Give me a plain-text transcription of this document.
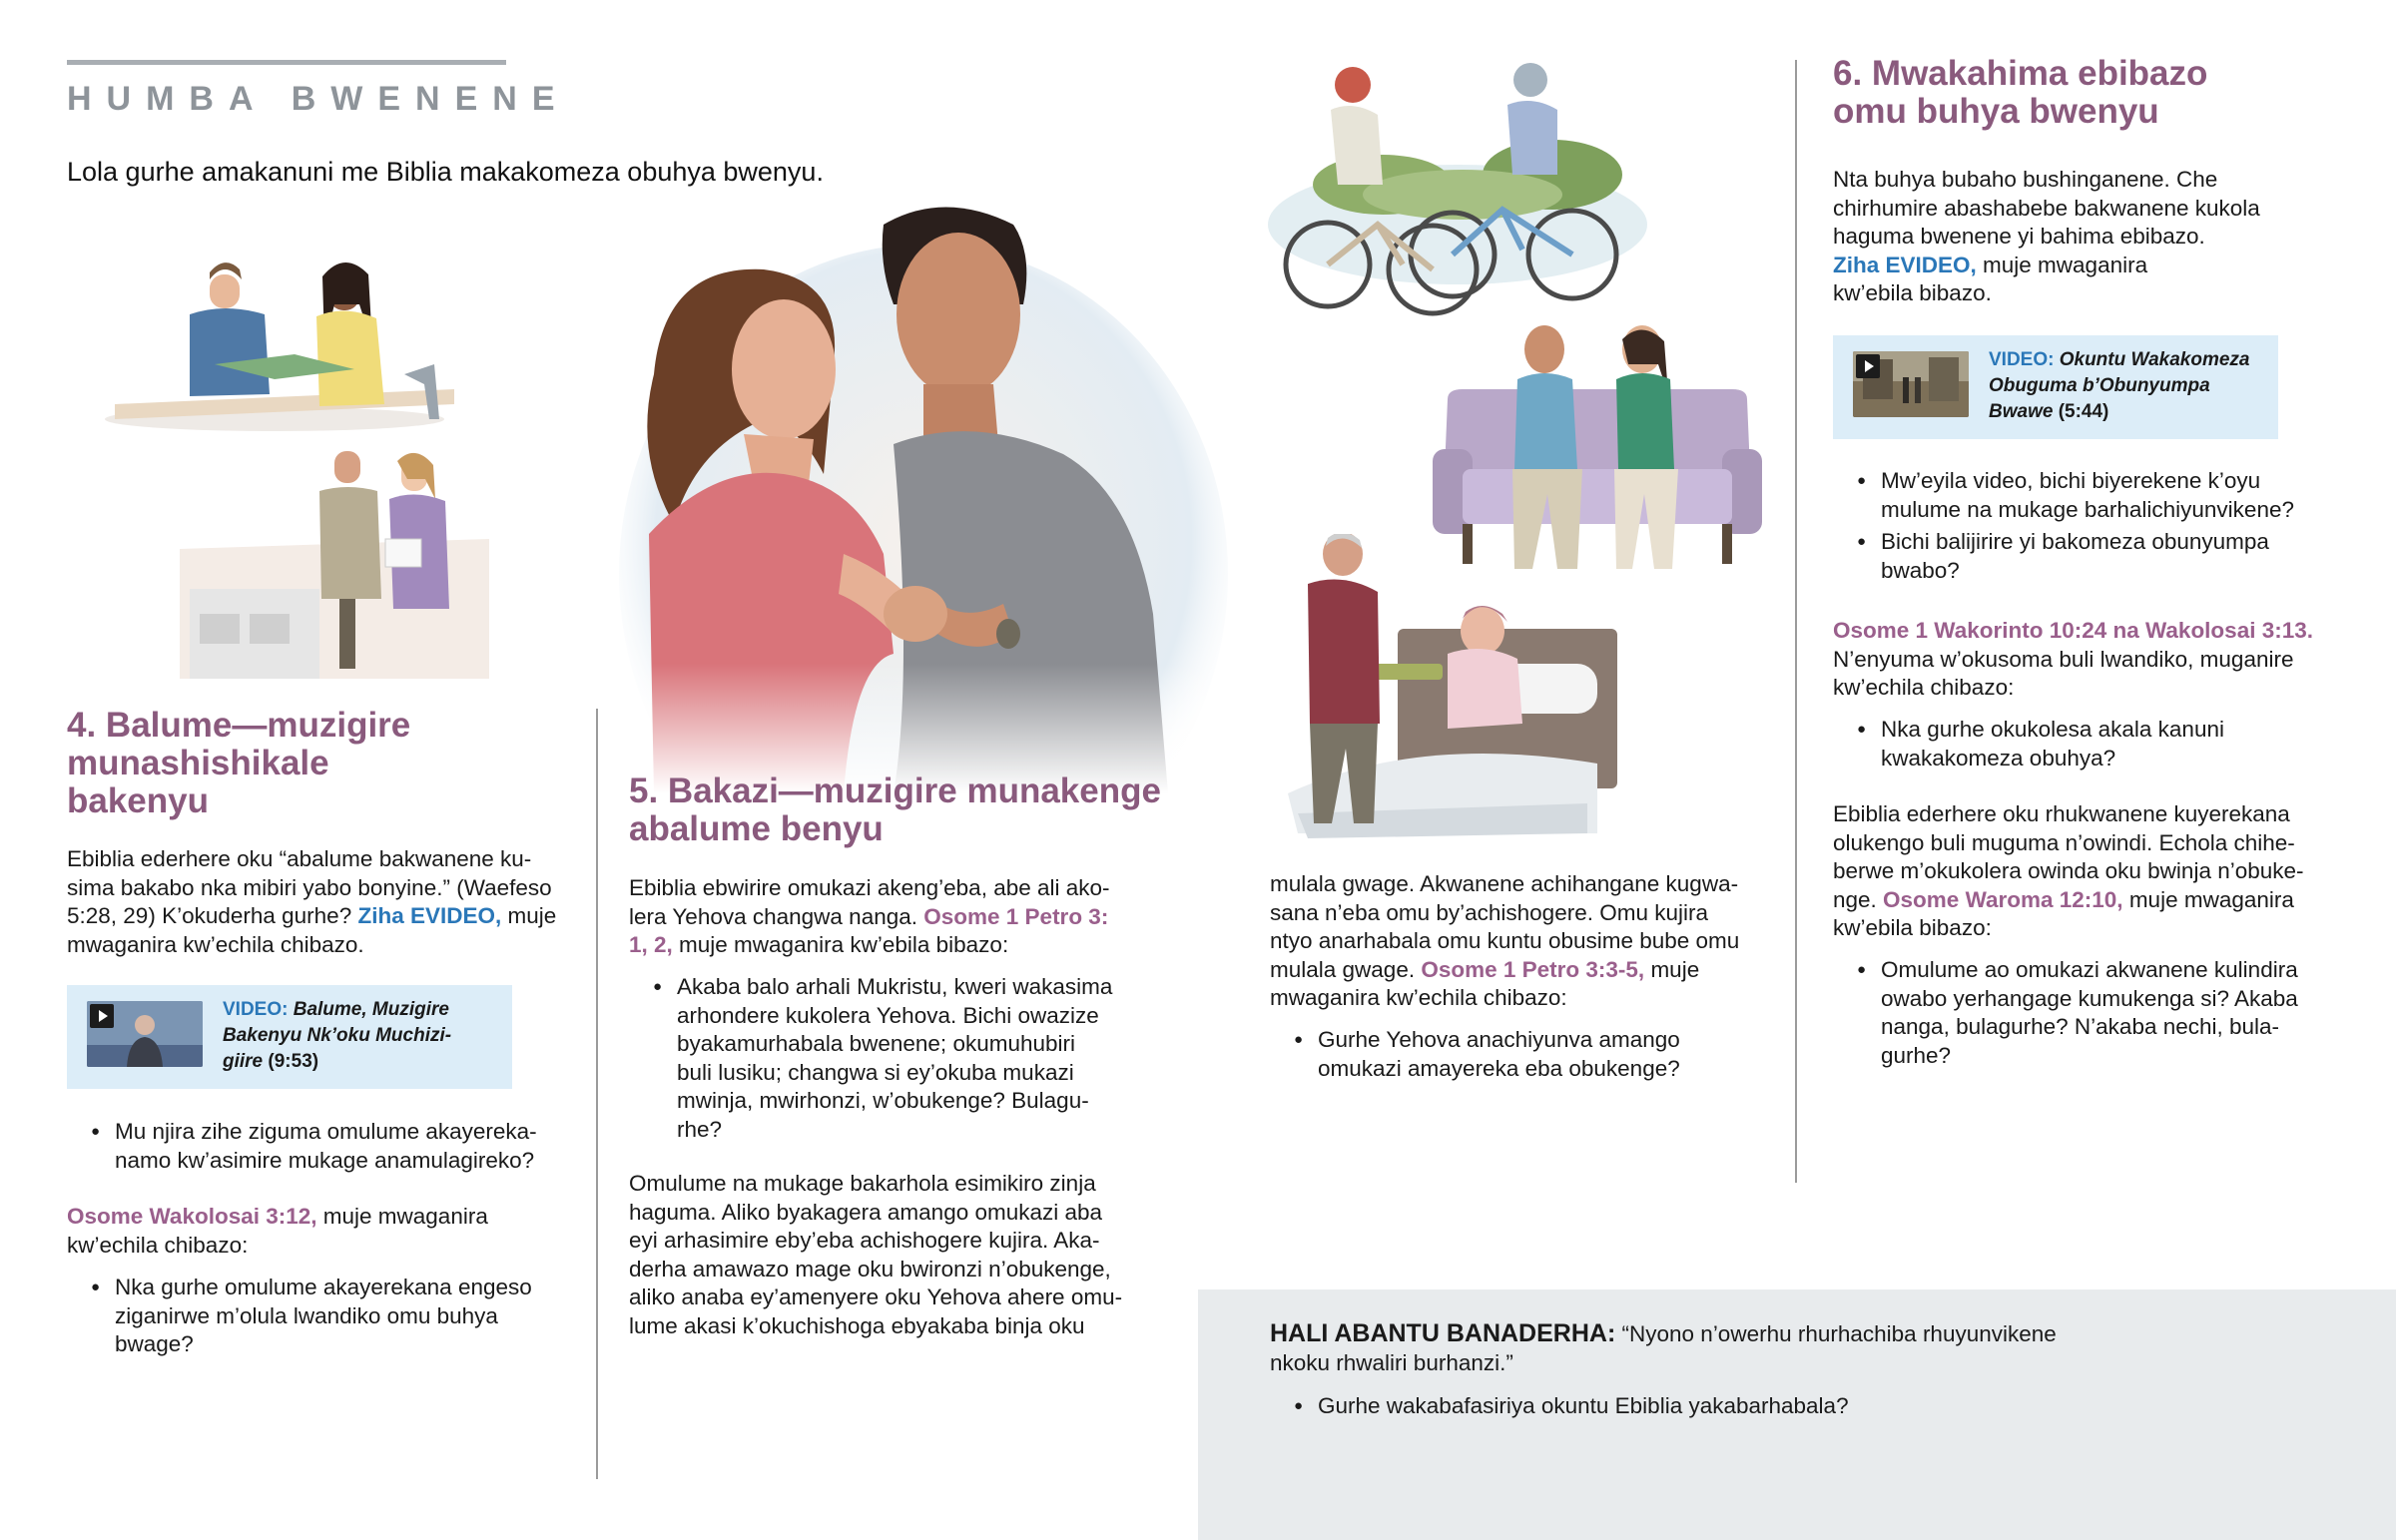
HUMBA BWENENE
Lola gurhe amakanuni me Biblia makakomeza obuhya bwenyu.
4. Balume—muzigire
munashishikale
bakenyu
Ebiblia ederhere oku “abalume bakwanene ku-
sima bakabo nka mibiri yabo bonyine.” (Waefeso
5:28, 29) K’okuderha gurhe? Ziha EVIDEO, muje
mwaganira kw’echila chibazo.
VIDEO: Balume, Muzigire
Bakenyu Nk’oku Muchizi-
giire (9:53)
● Mu njira zihe ziguma omulume akayereka-
namo kw’asimire mukage anamulagireko?
Osome Wakolosai 3:12, muje mwaganira
kw’echila chibazo:
● Nka gurhe omulume akayerekana engeso
ziganirwe m’olula lwandiko omu buhya
bwage?
5. Bakazi—muzigire munakenge
abalume benyu
Ebiblia ebwirire omukazi akeng’eba, abe ali ako-
lera Yehova changwa nanga. Osome 1 Petro 3:
1, 2, muje mwaganira kw’ebila bibazo:
● Akaba balo arhali Mukristu, kweri wakasima
arhondere kukolera Yehova. Bichi owazize
byakamurhabala bwenene; okumuhubiri
buli lusiku; changwa si ey’okuba mukazi
mwinja, mwirhonzi, w’obukenge? Bulagu-
rhe?
Omulume na mukage bakarhola esimikiro zinja
haguma. Aliko byakagera amango omukazi aba
eyi arhasimire eby’eba achishogere kujira. Aka-
derha amawazo mage oku bwironzi n’obukenge,
aliko anaba ey’amenyere oku Yehova ahere omu-
lume akasi k’okuchishoga ebyakaba binja oku
mulala gwage. Akwanene achihangane kugwa-
sana n’eba omu by’achishogere. Omu kujira
ntyo anarhabala omu kuntu obusime bube omu
mulala gwage. Osome 1 Petro 3:3-5, muje
mwaganira kw’echila chibazo:
● Gurhe Yehova anachiyunva amango
omukazi amayereka eba obukenge?
6. Mwakahima ebibazo
omu buhya bwenyu
Nta buhya bubaho bushinganene. Che
chirhumire abashabebe bakwanene kukola
haguma bwenene yi bahima ebibazo.
Ziha EVIDEO, muje mwaganira
kw’ebila bibazo.
VIDEO: Okuntu Wakakomeza
Obuguma b’Obunyumpa
Bwawe (5:44)
● Mw’eyila video, bichi biyerekene k’oyu
mulume na mukage barhalichiyunvikene?
● Bichi balijirire yi bakomeza obunyumpa
bwabo?
Osome 1 Wakorinto 10:24 na Wakolosai 3:13.
N’enyuma w’okusoma buli lwandiko, muganire
kw’echila chibazo:
● Nka gurhe okukolesa akala kanuni
kwakakomeza obuhya?
Ebiblia ederhere oku rhukwanene kuyerekana
olukengo buli muguma n’owindi. Echola chihe-
berwe m’okukolera owinda oku bwinja n’obuke-
nge. Osome Waroma 12:10, muje mwaganira
kw’ebila bibazo:
● Omulume ao omukazi akwanene kulindira
owabo yerhangage kumukenga si? Akaba
nanga, bulagurhe? N’akaba nechi, bula-
gurhe?
HALI ABANTU BANADERHA: “Nyono n’owerhu rhurhachiba rhuyunvikene
nkoku rhwaliri burhanzi.”
● Gurhe wakabafasiriya okuntu Ebiblia yakabarhabala?
